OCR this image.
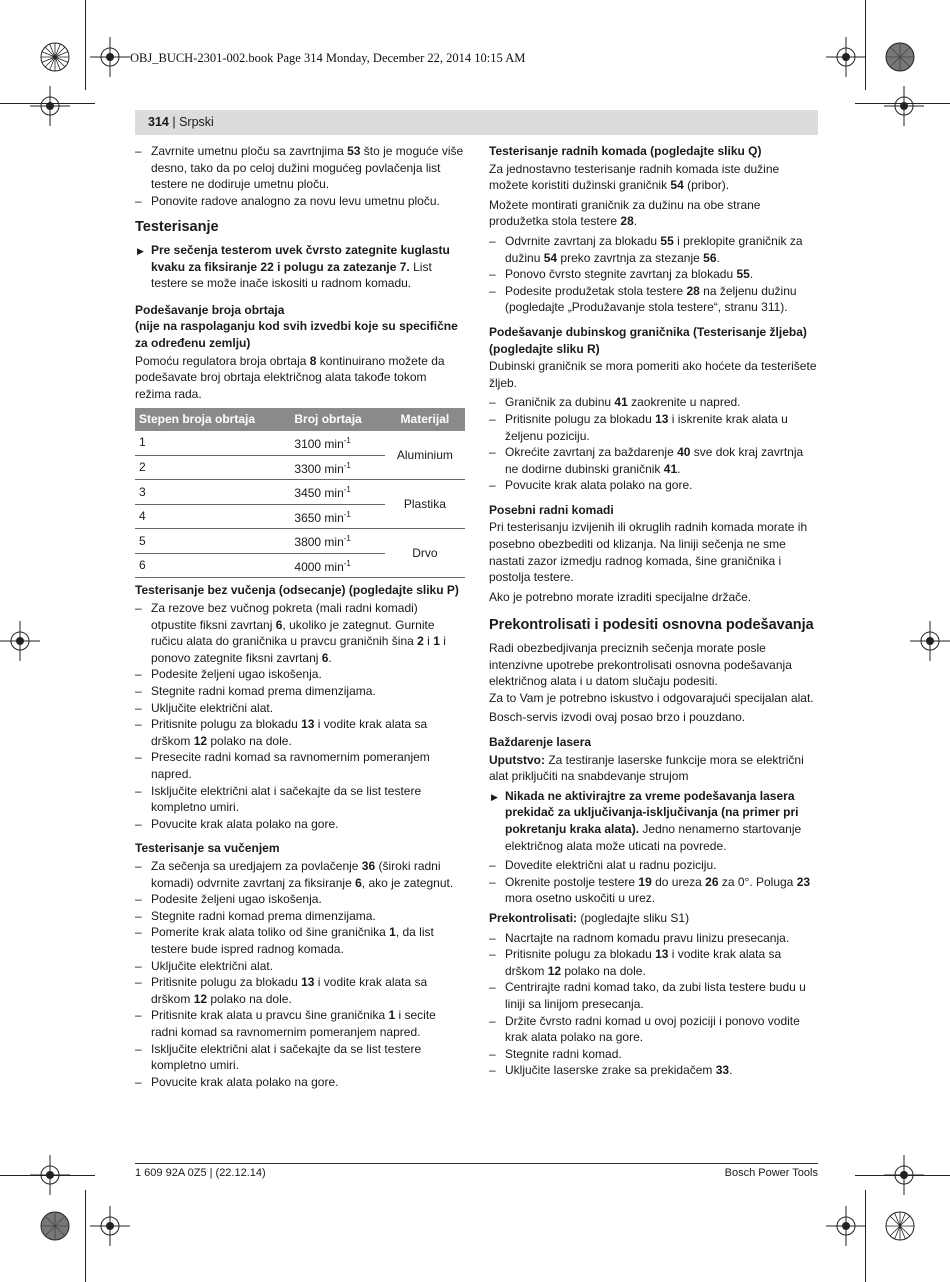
OBJ_BUCH-2301-002.book Page 314 Monday, December 22, 2014 10:15 AM
314 | Srpski
– Zavrnite umetnu ploču sa zavrtnjima 53 što je moguće više desno, tako da po celoj dužini mogućeg povlačenja list testere ne dodiruje umetnu ploču.
– Ponovite radove analogno za novu levu umetnu ploču.
Testerisanje
▶ Pre sečenja testerom uvek čvrsto zategnite kuglastu kvaku za fiksiranje 22 i polugu za zatezanje 7. List testere se može inače iskositi u radnom komadu.
Podešavanje broja obrtaja
(nije na raspolaganju kod svih izvedbi koje su specifične za određenu zemlju)

Pomoću regulatora broja obrtaja 8 kontinuirano možete da podešavate broj obrtaja električnog alata takođe tokom režima rada.

Stepen broja obrtaja	Broj obrtaja	Materijal
1	3100 $\min^{-1}$	Aluminium
2	3300 $\min^{-1}$
3	3450 $\min^{-1}$	Plastika
4	3650 $\min^{-1}$
5	3800 $\min^{-1}$	Drvo
6	4000 $\min^{-1}$
Testerisanje bez vučenja (odsecanje) (pogledajte sliku P)
– Za rezove bez vučnog pokreta (mali radni komadi) otpustite fiksni zavrtanj 6, ukoliko je zategnut. Gurnite ručicu alata do graničnika u pravcu graničnih šina 2 i 1 i ponovo zategnite fiksni zavrtanj 6.
– Podesite željeni ugao iskošenja.
– Stegnite radni komad prema dimenzijama.
– Uključite električni alat.
– Pritisnite polugu za blokadu 13 i vodite krak alata sa drškom 12 polako na dole.
– Presecite radni komad sa ravnomernim pomeranjem napred.
– Isključite električni alat i sačekajte da se list testere kompletno umiri.
– Povucite krak alata polako na gore.
Testerisanje sa vučenjem
– Za sečenja sa uredjajem za povlačenje 36 (široki radni komadi) odvrnite zavrtanj za fiksiranje 6, ako je zategnut.
– Podesite željeni ugao iskošenja.
– Stegnite radni komad prema dimenzijama.
– Pomerite krak alata toliko od šine graničnika 1, da list testere bude ispred radnog komada.
– Uključite električni alat.
– Pritisnite polugu za blokadu 13 i vodite krak alata sa drškom 12 polako na dole.
– Pritisnite krak alata u pravcu šine graničnika 1 i secite radni komad sa ravnomernim pomeranjem napred.
– Isključite električni alat i sačekajte da se list testere kompletno umiri.
– Povucite krak alata polako na gore.
Testerisanje radnih komada (pogledajte sliku Q)

Za jednostavno testerisanje radnih komada iste dužine možete koristiti dužinski graničnik 54 (pribor).

Možete montirati graničnik za dužinu na obe strane produžetka stola testere 28.

– Odvrnite zavrtanj za blokadu 55 i preklopite graničnik za dužinu 54 preko zavrtnja za stezanje 56.
– Ponovo čvrsto stegnite zavrtanj za blokadu 55.
– Podesite produžetak stola testere 28 na željenu dužinu (pogledajte „Produžavanje stola testere“, stranu 311).
Podešavanje dubinskog graničnika (Testerisanje žljeba) (pogledajte sliku R)

Dubinski graničnik se mora pomeriti ako hoćete da testerišete žljeb.

– Graničnik za dubinu 41 zaokrenite u napred.
– Pritisnite polugu za blokadu 13 i iskrenite krak alata u željenu poziciju.
– Okrećite zavrtanj za baždarenje 40 sve dok kraj zavrtnja ne dodirne dubinski graničnik 41.
– Povucite krak alata polako na gore.
Posebni radni komadi

Pri testerisanju izvijenih ili okruglih radnih komada morate ih posebno obezbediti od klizanja. Na liniji sečenja ne sme nastati zazor izmedju radnog komada, šine graničnika i postolja testere.

Ako je potrebno morate izraditi specijalne držače.

Prekontrolisati i podesiti osnovna podešavanja

Radi obezbedjivanja preciznih sečenja morate posle intenzivne upotrebe prekontrolisati osnovna podešavanja električnog alata i u datom slučaju podesiti.

Za to Vam je potrebno iskustvo i odgovarajući specijalan alat.

Bosch-servis izvodi ovaj posao brzo i pouzdano.

Baždarenje lasera

Uputstvo: Za testiranje laserske funkcije mora se električni alat priključiti na snabdevanje strujom

▶ Nikada ne aktivirajtre za vreme podešavanja lasera prekidač za uključivanja-isključivanja (na primer pri pokretanju kraka alata). Jedno nenamerno startovanje električnog alata može uticati na povrede.
– Dovedite električni alat u radnu poziciju.
– Okrenite postolje testere 19 do ureza 26 za 0°. Poluga 23 mora osetno uskočiti u urez.

Prekontrolisati: (pogledajte sliku S1)

– Nacrtajte na radnom komadu pravu linizu presecanja.
– Pritisnite polugu za blokadu 13 i vodite krak alata sa drškom 12 polako na dole.
– Centrirajte radni komad tako, da zubi lista testere budu u liniji sa linijom presecanja.
– Držite čvrsto radni komad u ovoj poziciji i ponovo vodite krak alata polako na gore.
– Stegnite radni komad.
– Uključite laserske zrake sa prekidačem 33.
1 609 92A 0Z5 | (22.12.14)	Bosch Power Tools
